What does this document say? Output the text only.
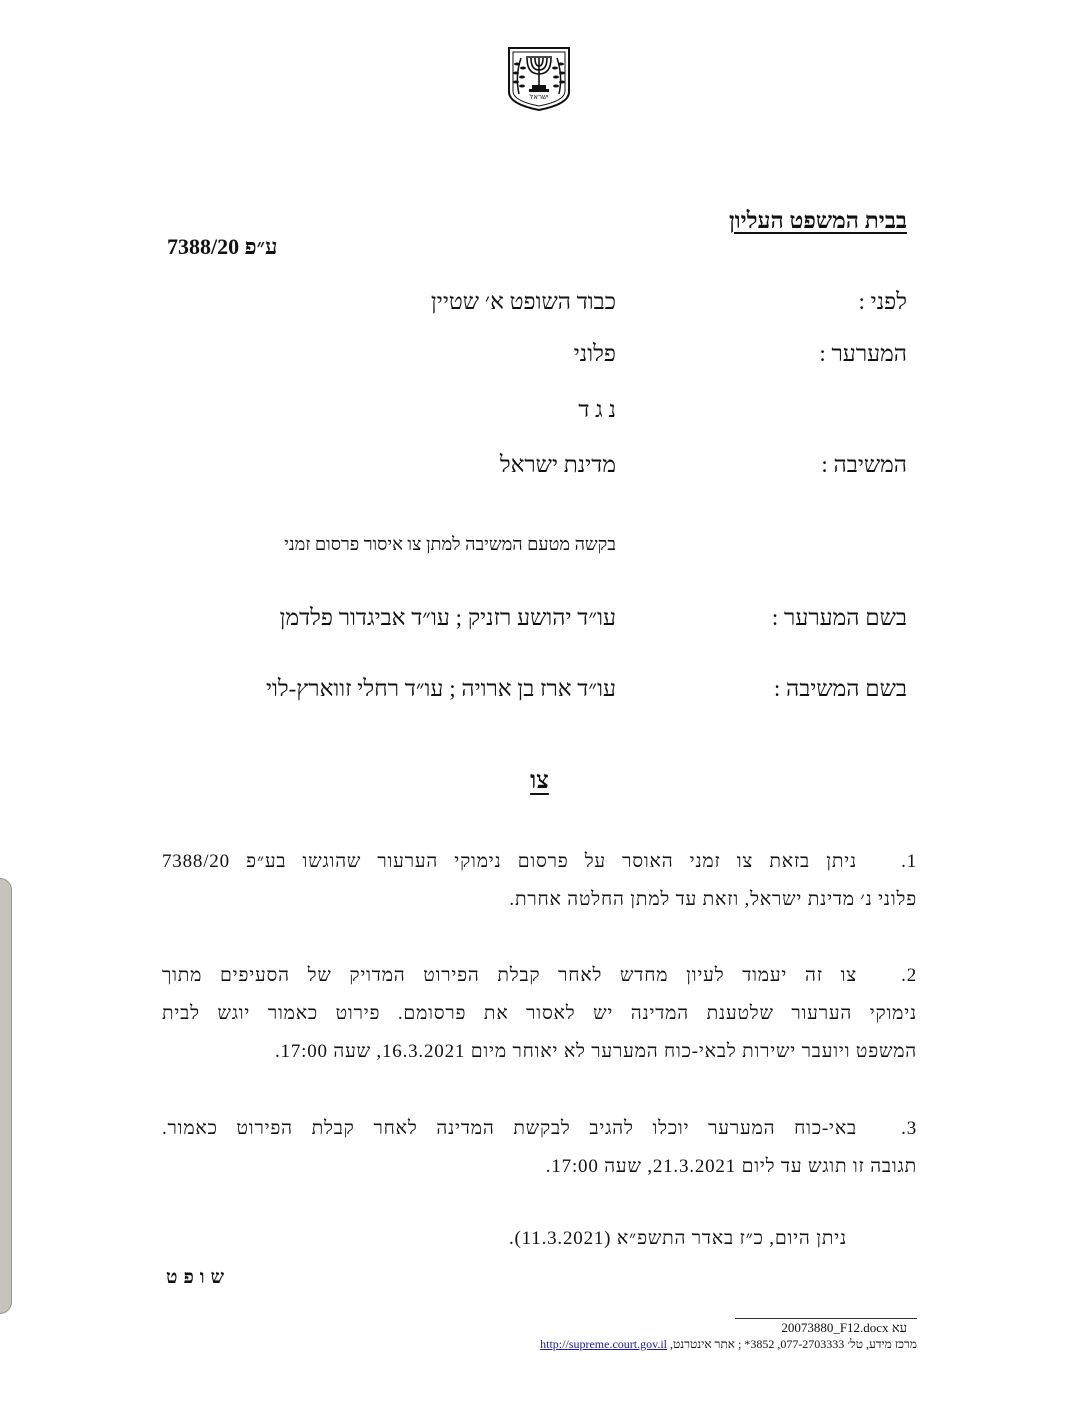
ישראל
בבית המשפט העליון
ע״פ 7388/20
לפני :
כבוד השופט א׳ שטיין
המערער :
פלוני
נ ג ד
המשיבה :
מדינת ישראל
בקשה מטעם המשיבה למתן צו איסור פרסום זמני
בשם המערער :
עו״ד יהושע רזניק ; עו״ד אביגדור פלדמן
בשם המשיבה :
עו״ד ארז בן ארויה ; עו״ד רחלי זווארץ-לוי
צו
1.ניתן בזאת צו זמני האוסר על פרסום נימוקי הערעור שהוגשו בע״פ 7388/20
פלוני נ׳ מדינת ישראל, וזאת עד למתן החלטה אחרת.
2.צו זה יעמוד לעיון מחדש לאחר קבלת הפירוט המדויק של הסעיפים מתוך
נימוקי הערעור שלטענת המדינה יש לאסור את פרסומם. פירוט כאמור יוגש לבית
המשפט ויועבר ישירות לבאי-כוח המערער לא יאוחר מיום 16.3.2021, שעה 17:00.
3.באי-כוח המערער יוכלו להגיב לבקשת המדינה לאחר קבלת הפירוט כאמור.
תגובה זו תוגש עד ליום 21.3.2021, שעה 17:00.
ניתן היום, כ״ז באדר התשפ״א (11.3.2021).
שופט
20073880_F12.docx עא
מרכז מידע, טל׳ 077-2703333, 3852* ; אתר אינטרנט, http://supreme.court.gov.il
